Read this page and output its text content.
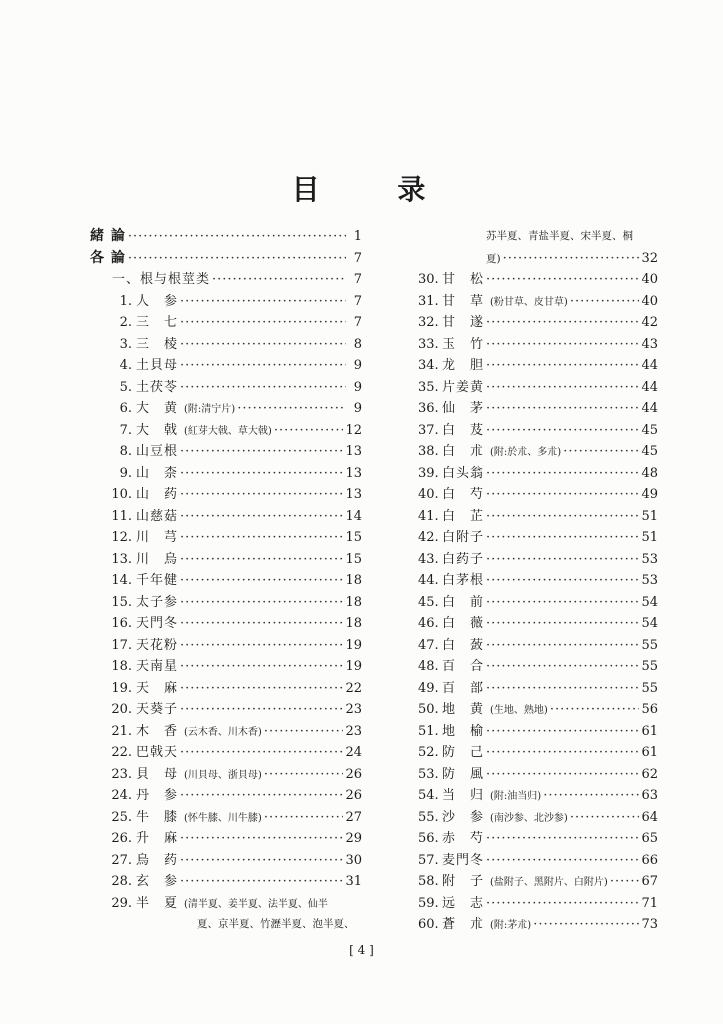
目 录
緒 論 ·····	1
各 論 ·····	7
一、根与根莖类 ·····	7
1. 人　参 ·····	7
2. 三　七 ·····	7
3. 三　棱 ·····	8
4. 土貝母 ·····	9
5. 土茯苓 ·····	9
6. 大　黄 (附:清宁片) ·····	9
7. 大　戟 (紅芽大戟、草大戟) ·····	12
8. 山豆根 ·····	13
9. 山　柰 ·····	13
10. 山　药 ·····	13
11. 山慈菇 ·····	14
12. 川　芎 ·····	15
13. 川　烏 ·····	15
14. 千年健 ·····	18
15. 太子参 ·····	18
16. 天門冬 ·····	18
17. 天花粉 ·····	19
18. 天南星 ·····	19
19. 天　麻 ·····	22
20. 天葵子 ·····	23
21. 木　香 (云木香、川木香) ·····	23
22. 巴戟天 ·····	24
23. 貝　母 (川貝母、浙貝母) ·····	26
24. 丹　参 ·····	26
25. 牛　膝 (怀牛膝、川牛膝) ·····	27
26. 升　麻 ·····	29
27. 烏　药 ·····	30
28. 玄　参 ·····	31
29. 半　夏 (清半夏、姜半夏、法半夏、仙半
夏、京半夏、竹瀝半夏、泡半夏、
苏半夏、青盐半夏、宋半夏、桐
夏) ·····	32
30. 甘　松 ·····	40
31. 甘　草 (粉甘草、皮甘草) ·····	40
32. 甘　遂 ·····	42
33. 玉　竹 ·····	43
34. 龙　胆 ·····	44
35. 片姜黄 ·····	44
36. 仙　茅 ·····	44
37. 白　芨 ·····	45
38. 白　朮 (附:於朮、多朮) ·····	45
39. 白头翁 ·····	48
40. 白　芍 ·····	49
41. 白　芷 ·····	51
42. 白附子 ·····	51
43. 白药子 ·····	53
44. 白茅根 ·····	53
45. 白　前 ·····	54
46. 白　薇 ·····	54
47. 白　蔹 ·····	55
48. 百　合 ·····	55
49. 百　部 ·····	55
50. 地　黄 (生地、熟地) ·····	56
51. 地　榆 ·····	61
52. 防　己 ·····	61
53. 防　風 ·····	62
54. 当　归 (附:油当归) ·····	63
55. 沙　参 (南沙参、北沙参) ·····	64
56. 赤　芍 ·····	65
57. 麦門冬 ·····	66
58. 附　子 (盐附子、黑附片、白附片) ·····	67
59. 远　志 ·····	71
60. 蒼　朮 (附:茅朮) ·····	73
[ 4 ]
